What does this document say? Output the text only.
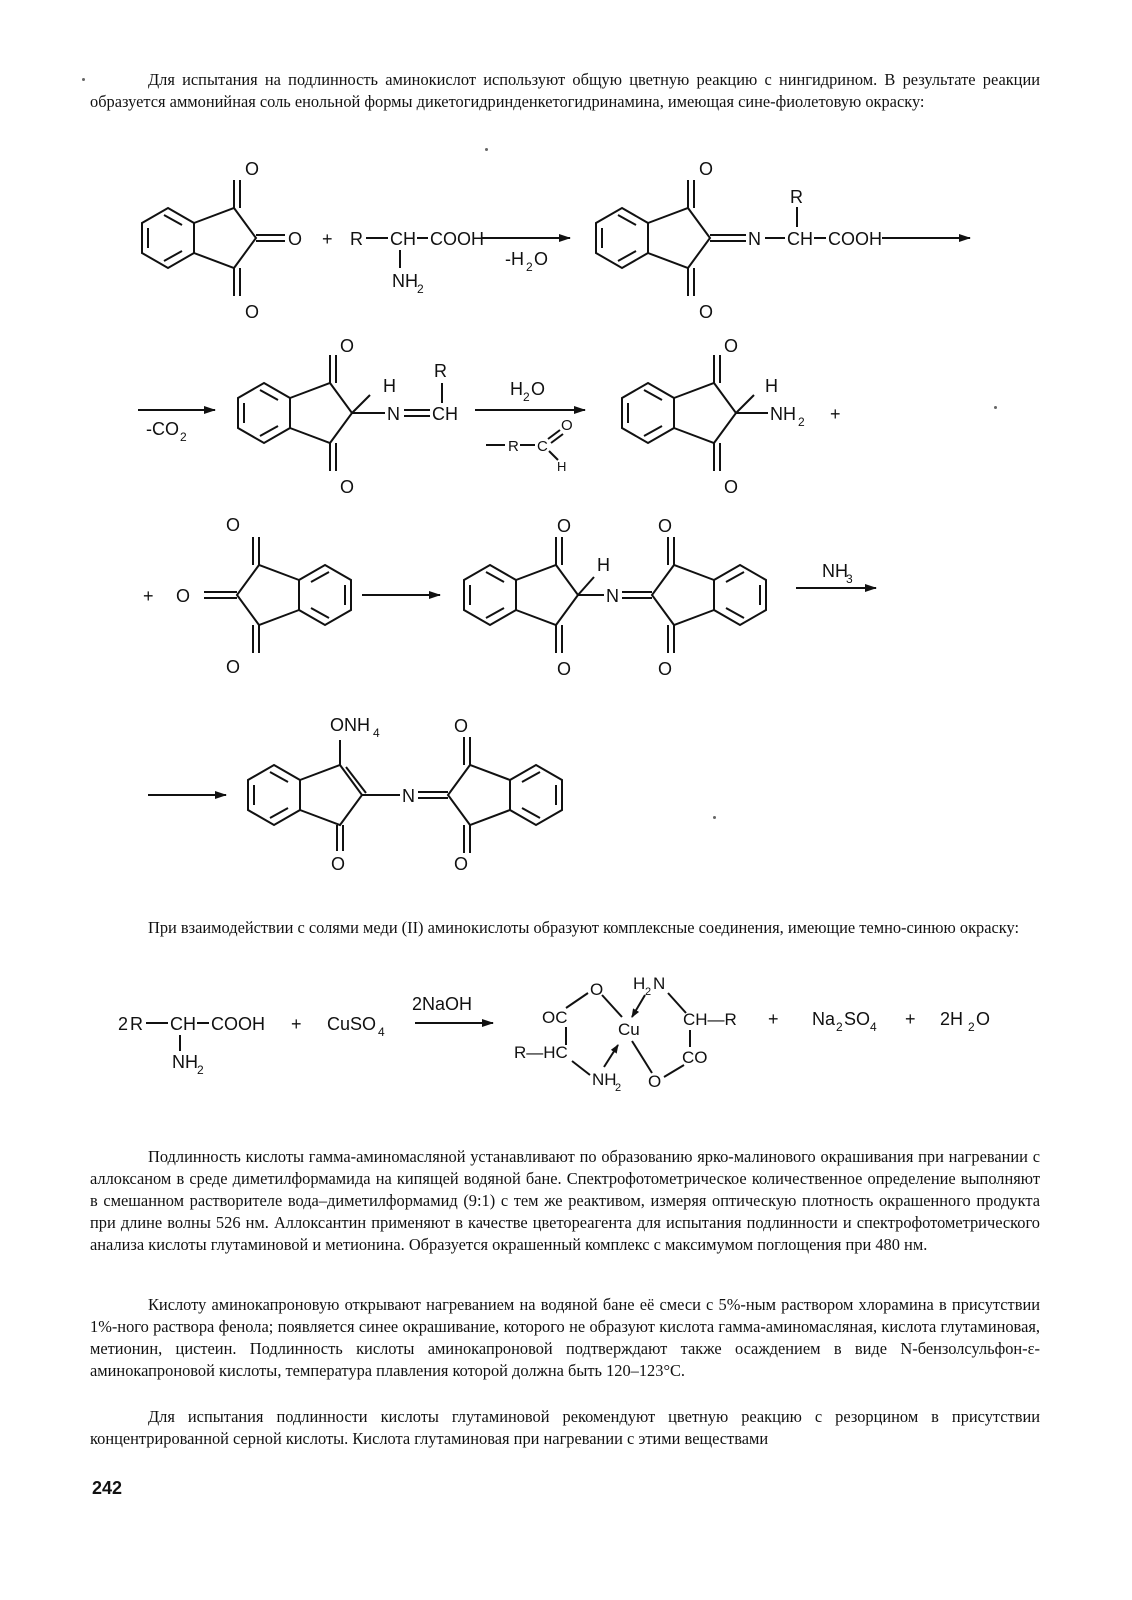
Для испытания на подлинность аминокислот используют общую цветную реакцию с нингидрином. В результате реакции образуется аммонийная соль енольной формы дикетогидринденкетогидринамина, имеющая сине-фиолетовую окраску:

O
O
O + R CH COOH
NH 2
-H 2 O
O
O
N CH COOH
R
-CO 2
O
O
H
N CH
R
H 2 O
R C
O
H
O
O
H
NH 2 +
+ O
O
O
O
O
H
N
O
O
NH
3
ONH 4
O
N
O
O

При взаимодействии с солями меди (II) аминокислоты образуют комплексные соединения, имеющие темно-синюю окраску:

2 R CH COOH
NH 2
+ CuSO 4
2NaOH
OC
O
R—HC
NH
2
Cu
H 2 N
CH—R
CO
O
+ Na 2 SO 4 + 2H 2 O

Подлинность кислоты гамма-аминомасляной устанавливают по образованию ярко-малинового окрашивания при нагревании с аллоксаном в среде диметилформамида на кипящей водяной бане. Спектрофотометрическое количественное определение выполняют в смешанном растворителе вода–диметилформамид (9:1) с тем же реактивом, измеряя оптическую плотность окрашенного продукта при длине волны 526 нм. Аллоксантин применяют в качестве цветореагента для испытания подлинности и спектрофотометрического анализа кислоты глутаминовой и метионина. Образуется окрашенный комплекс с максимумом поглощения при 480 нм.

Кислоту аминокапроновую открывают нагреванием на водяной бане её смеси с 5%-ным раствором хлорамина в присутствии 1%-ного раствора фенола; появляется синее окрашивание, которого не образуют кислота гамма-аминомасляная, кислота глутаминовая, метионин, цистеин. Подлинность кислоты аминокапроновой подтверждают также осаждением в виде N-бензолсульфон-ε-аминокапроновой кислоты, температура плавления которой должна быть 120–123°C.

Для испытания подлинности кислоты глутаминовой рекомендуют цветную реакцию с резорцином в присутствии концентрированной серной кислоты. Кислота глутаминовая при нагревании с этими веществами

242
